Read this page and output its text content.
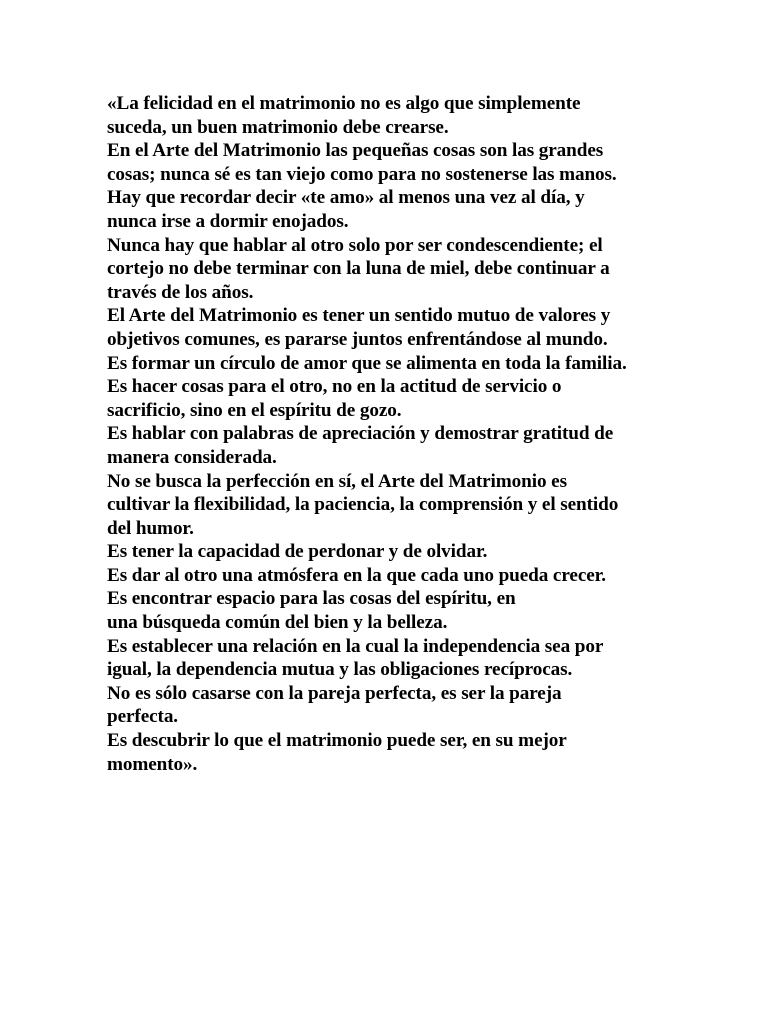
«La felicidad en el matrimonio no es algo que simplemente
suceda, un buen matrimonio debe crearse.
En el Arte del Matrimonio las pequeñas cosas son las grandes
cosas; nunca sé es tan viejo como para no sostenerse las manos.
Hay que recordar decir «te amo» al menos una vez al día, y
nunca irse a dormir enojados.
Nunca hay que hablar al otro solo por ser condescendiente; el
cortejo no debe terminar con la luna de miel, debe continuar a
través de los años.
El Arte del Matrimonio es tener un sentido mutuo de valores y
objetivos comunes, es pararse juntos enfrentándose al mundo.
Es formar un círculo de amor que se alimenta en toda la familia.
Es hacer cosas para el otro, no en la actitud de servicio o
sacrificio, sino en el espíritu de gozo.
Es hablar con palabras de apreciación y demostrar gratitud de
manera considerada.
No se busca la perfección en sí, el Arte del Matrimonio es
cultivar la flexibilidad, la paciencia, la comprensión y el sentido
del humor.
Es tener la capacidad de perdonar y de olvidar.
Es dar al otro una atmósfera en la que cada uno pueda crecer.
Es encontrar espacio para las cosas del espíritu, en
una búsqueda común del bien y la belleza.
Es establecer una relación en la cual la independencia sea por
igual, la dependencia mutua y las obligaciones recíprocas.
No es sólo casarse con la pareja perfecta, es ser la pareja
perfecta.
Es descubrir lo que el matrimonio puede ser, en su mejor
momento».
